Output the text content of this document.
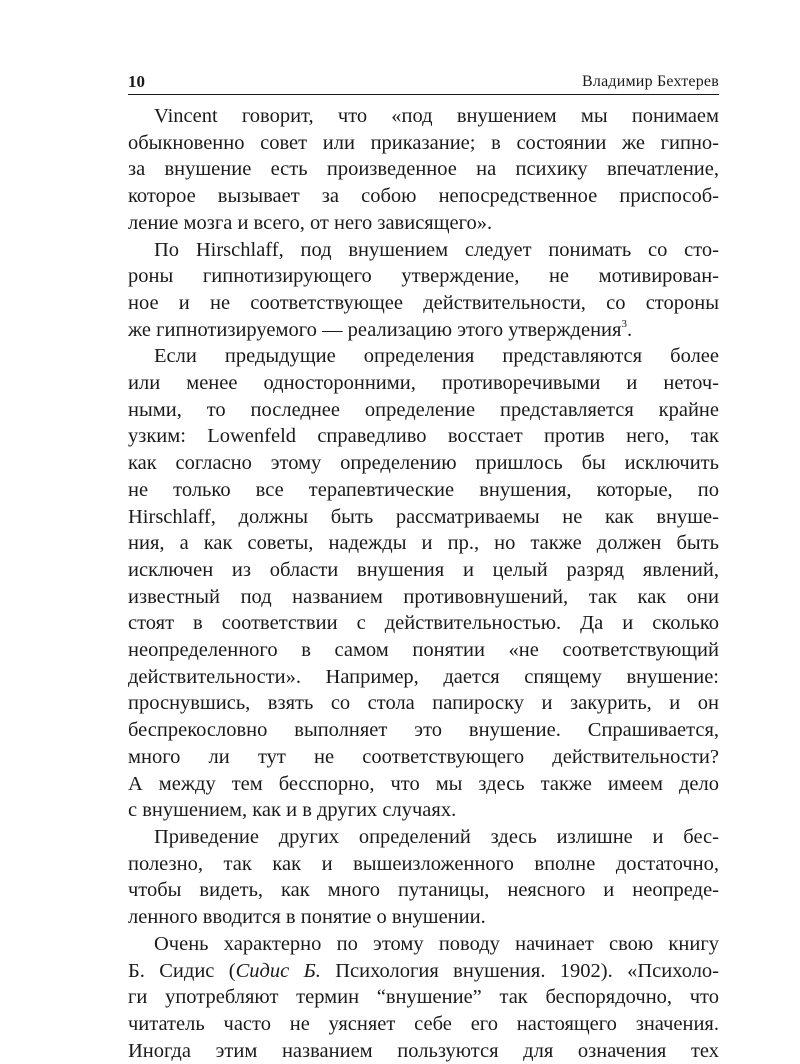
10	Владимир Бехтерев

Vincent говорит, что «под внушением мы понимаем
обыкновенно совет или приказание; в состоянии же гипно-
за внушение есть произведенное на психику впечатление,
которое вызывает за собою непосредственное приспособ-
ление мозга и всего, от него зависящего».

По Hirschlaff, под внушением следует понимать со сто-
роны гипнотизирующего утверждение, не мотивирован-
ное и не соответствующее действительности, со стороны
же гипнотизируемого — реализацию этого утверждения$^3$.

Если предыдущие определения представляются более
или менее односторонними, противоречивыми и неточ-
ными, то последнее определение представляется крайне
узким: Lowenfeld справедливо восстает против него, так
как согласно этому определению пришлось бы исключить
не только все терапевтические внушения, которые, по
Hirschlaff, должны быть рассматриваемы не как внуше-
ния, а как советы, надежды и пр., но также должен быть
исключен из области внушения и целый разряд явлений,
известный под названием противовнушений, так как они
стоят в соответствии с действительностью. Да и сколько
неопределенного в самом понятии «не соответствующий
действительности». Например, дается спящему внушение:
проснувшись, взять со стола папироску и закурить, и он
беспрекословно выполняет это внушение. Спрашивается,
много ли тут не соответствующего действительности?
А между тем бесспорно, что мы здесь также имеем дело
с внушением, как и в других случаях.

Приведение других определений здесь излишне и бес-
полезно, так как и вышеизложенного вполне достаточно,
чтобы видеть, как много путаницы, неясного и неопреде-
ленного вводится в понятие о внушении.

Очень характерно по этому поводу начинает свою книгу
Б. Сидис (Сидис Б. Психология внушения. 1902). «Психоло-
ги употребляют термин “внушение” так беспорядочно, что
читатель часто не уясняет себе его настоящего значения.
Иногда этим названием пользуются для означения тех
